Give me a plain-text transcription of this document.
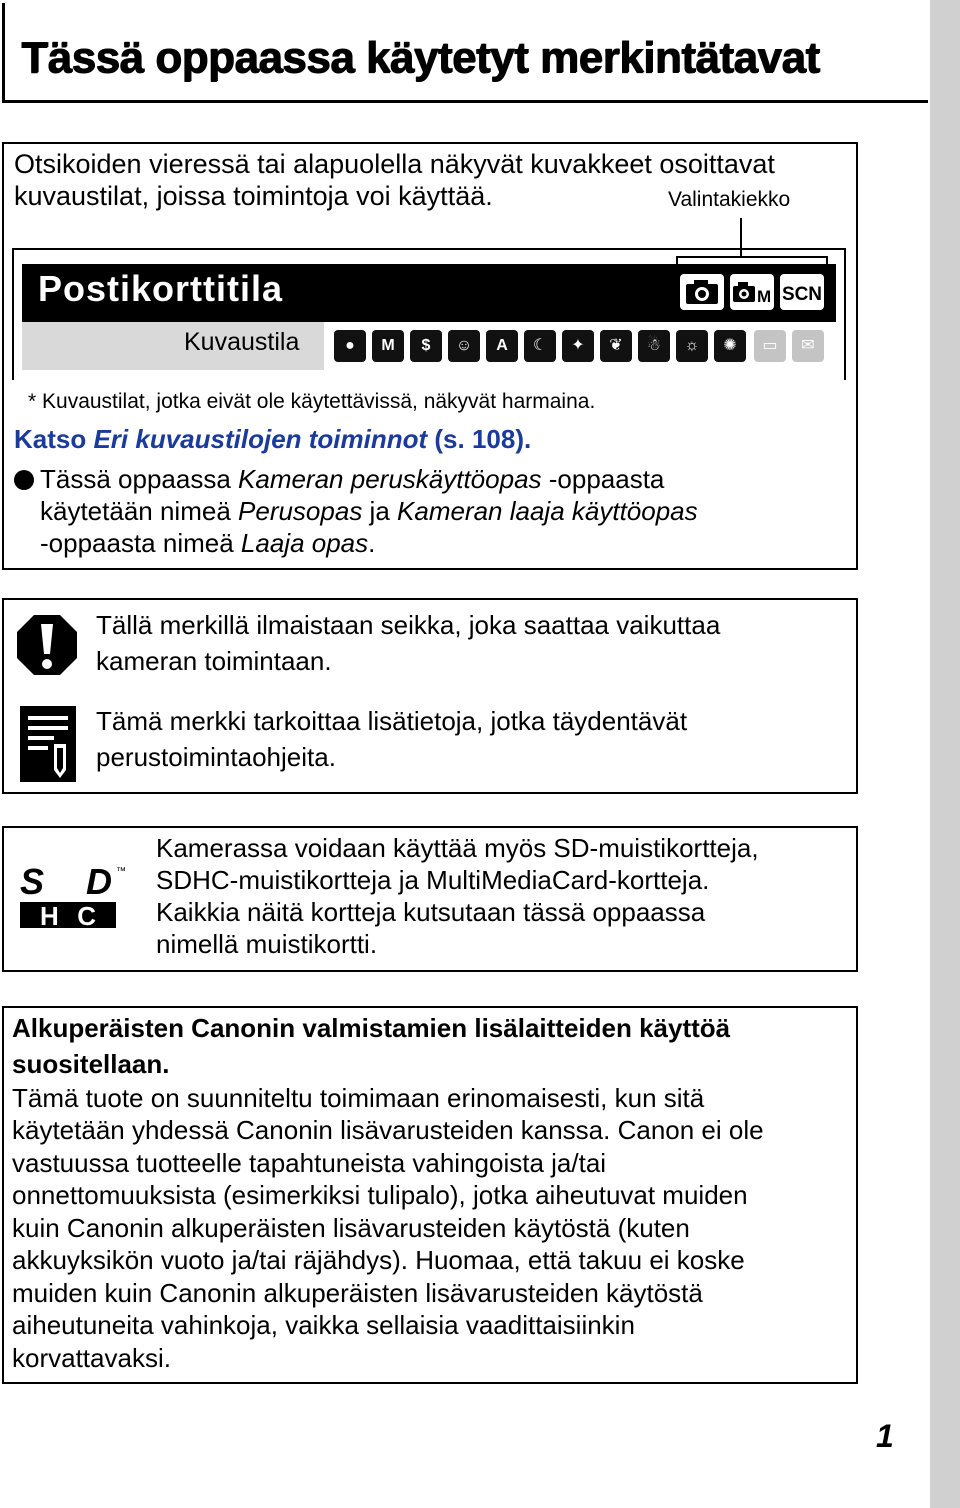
Tässä oppaassa käytetyt merkintätavat
Otsikoiden vieressä tai alapuolella näkyvät kuvakkeet osoittavat
kuvaustilat, joissa toimintoja voi käyttää.	Valintakiekko
Postikorttitila	M SCN
Kuvaustila	●	M	$	☺	A	☾	✦	❦	☃	☼	✺	▭	✉
* Kuvaustilat, jotka eivät ole käytettävissä, näkyvät harmaina.
Katso Eri kuvaustilojen toiminnot (s. 108).
Tässä oppaassa Kameran peruskäyttöopas -oppaasta
käytetään nimeä Perusopas ja Kameran laaja käyttöopas
-oppaasta nimeä Laaja opas.
Tällä merkillä ilmaistaan seikka, joka saattaa vaikuttaa
kameran toimintaan.
Tämä merkki tarkoittaa lisätietoja, jotka täydentävät
perustoimintaohjeita.
SD ™
HC
Kamerassa voidaan käyttää myös SD-muistikortteja,
SDHC-muistikortteja ja MultiMediaCard-kortteja.
Kaikkia näitä kortteja kutsutaan tässä oppaassa
nimellä muistikortti.
Alkuperäisten Canonin valmistamien lisälaitteiden käyttöä
suositellaan.
Tämä tuote on suunniteltu toimimaan erinomaisesti, kun sitä
käytetään yhdessä Canonin lisävarusteiden kanssa. Canon ei ole
vastuussa tuotteelle tapahtuneista vahingoista ja/tai
onnettomuuksista (esimerkiksi tulipalo), jotka aiheutuvat muiden
kuin Canonin alkuperäisten lisävarusteiden käytöstä (kuten
akkuyksikön vuoto ja/tai räjähdys). Huomaa, että takuu ei koske
muiden kuin Canonin alkuperäisten lisävarusteiden käytöstä
aiheutuneita vahinkoja, vaikka sellaisia vaadittaisiinkin
korvattavaksi.
1
